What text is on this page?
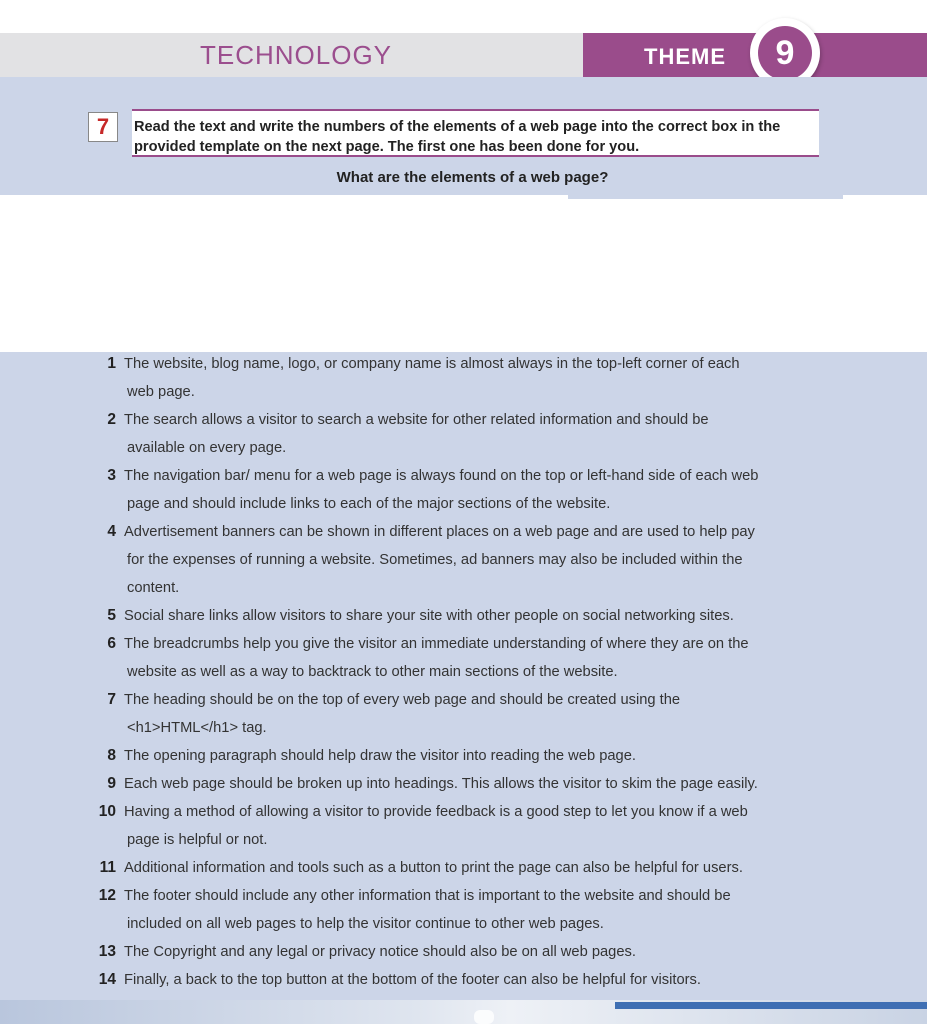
TECHNOLOGY	THEME	9
7	Read the text and write the numbers of the elements of a web page into the correct box in the
provided template on the next page. The first one has been done for you.
What are the elements of a web page?
1 The website, blog name, logo, or company name is almost always in the top-left corner of each
web page.
2 The search allows a visitor to search a website for other related information and should be
available on every page.
3 The navigation bar/ menu for a web page is always found on the top or left-hand side of each web
page and should include links to each of the major sections of the website.
4 Advertisement banners can be shown in different places on a web page and are used to help pay
for the expenses of running a website. Sometimes, ad banners may also be included within the
content.
5 Social share links allow visitors to share your site with other people on social networking sites.
6 The breadcrumbs help you give the visitor an immediate understanding of where they are on the
website as well as a way to backtrack to other main sections of the website.
7 The heading should be on the top of every web page and should be created using the
<h1>HTML</h1> tag.
8 The opening paragraph should help draw the visitor into reading the web page.
9 Each web page should be broken up into headings. This allows the visitor to skim the page easily.
10 Having a method of allowing a visitor to provide feedback is a good step to let you know if a web
page is helpful or not.
11 Additional information and tools such as a button to print the page can also be helpful for users.
12 The footer should include any other information that is important to the website and should be
included on all web pages to help the visitor continue to other web pages.
13 The Copyright and any legal or privacy notice should also be on all web pages.
14 Finally, a back to the top button at the bottom of the footer can also be helpful for visitors.
